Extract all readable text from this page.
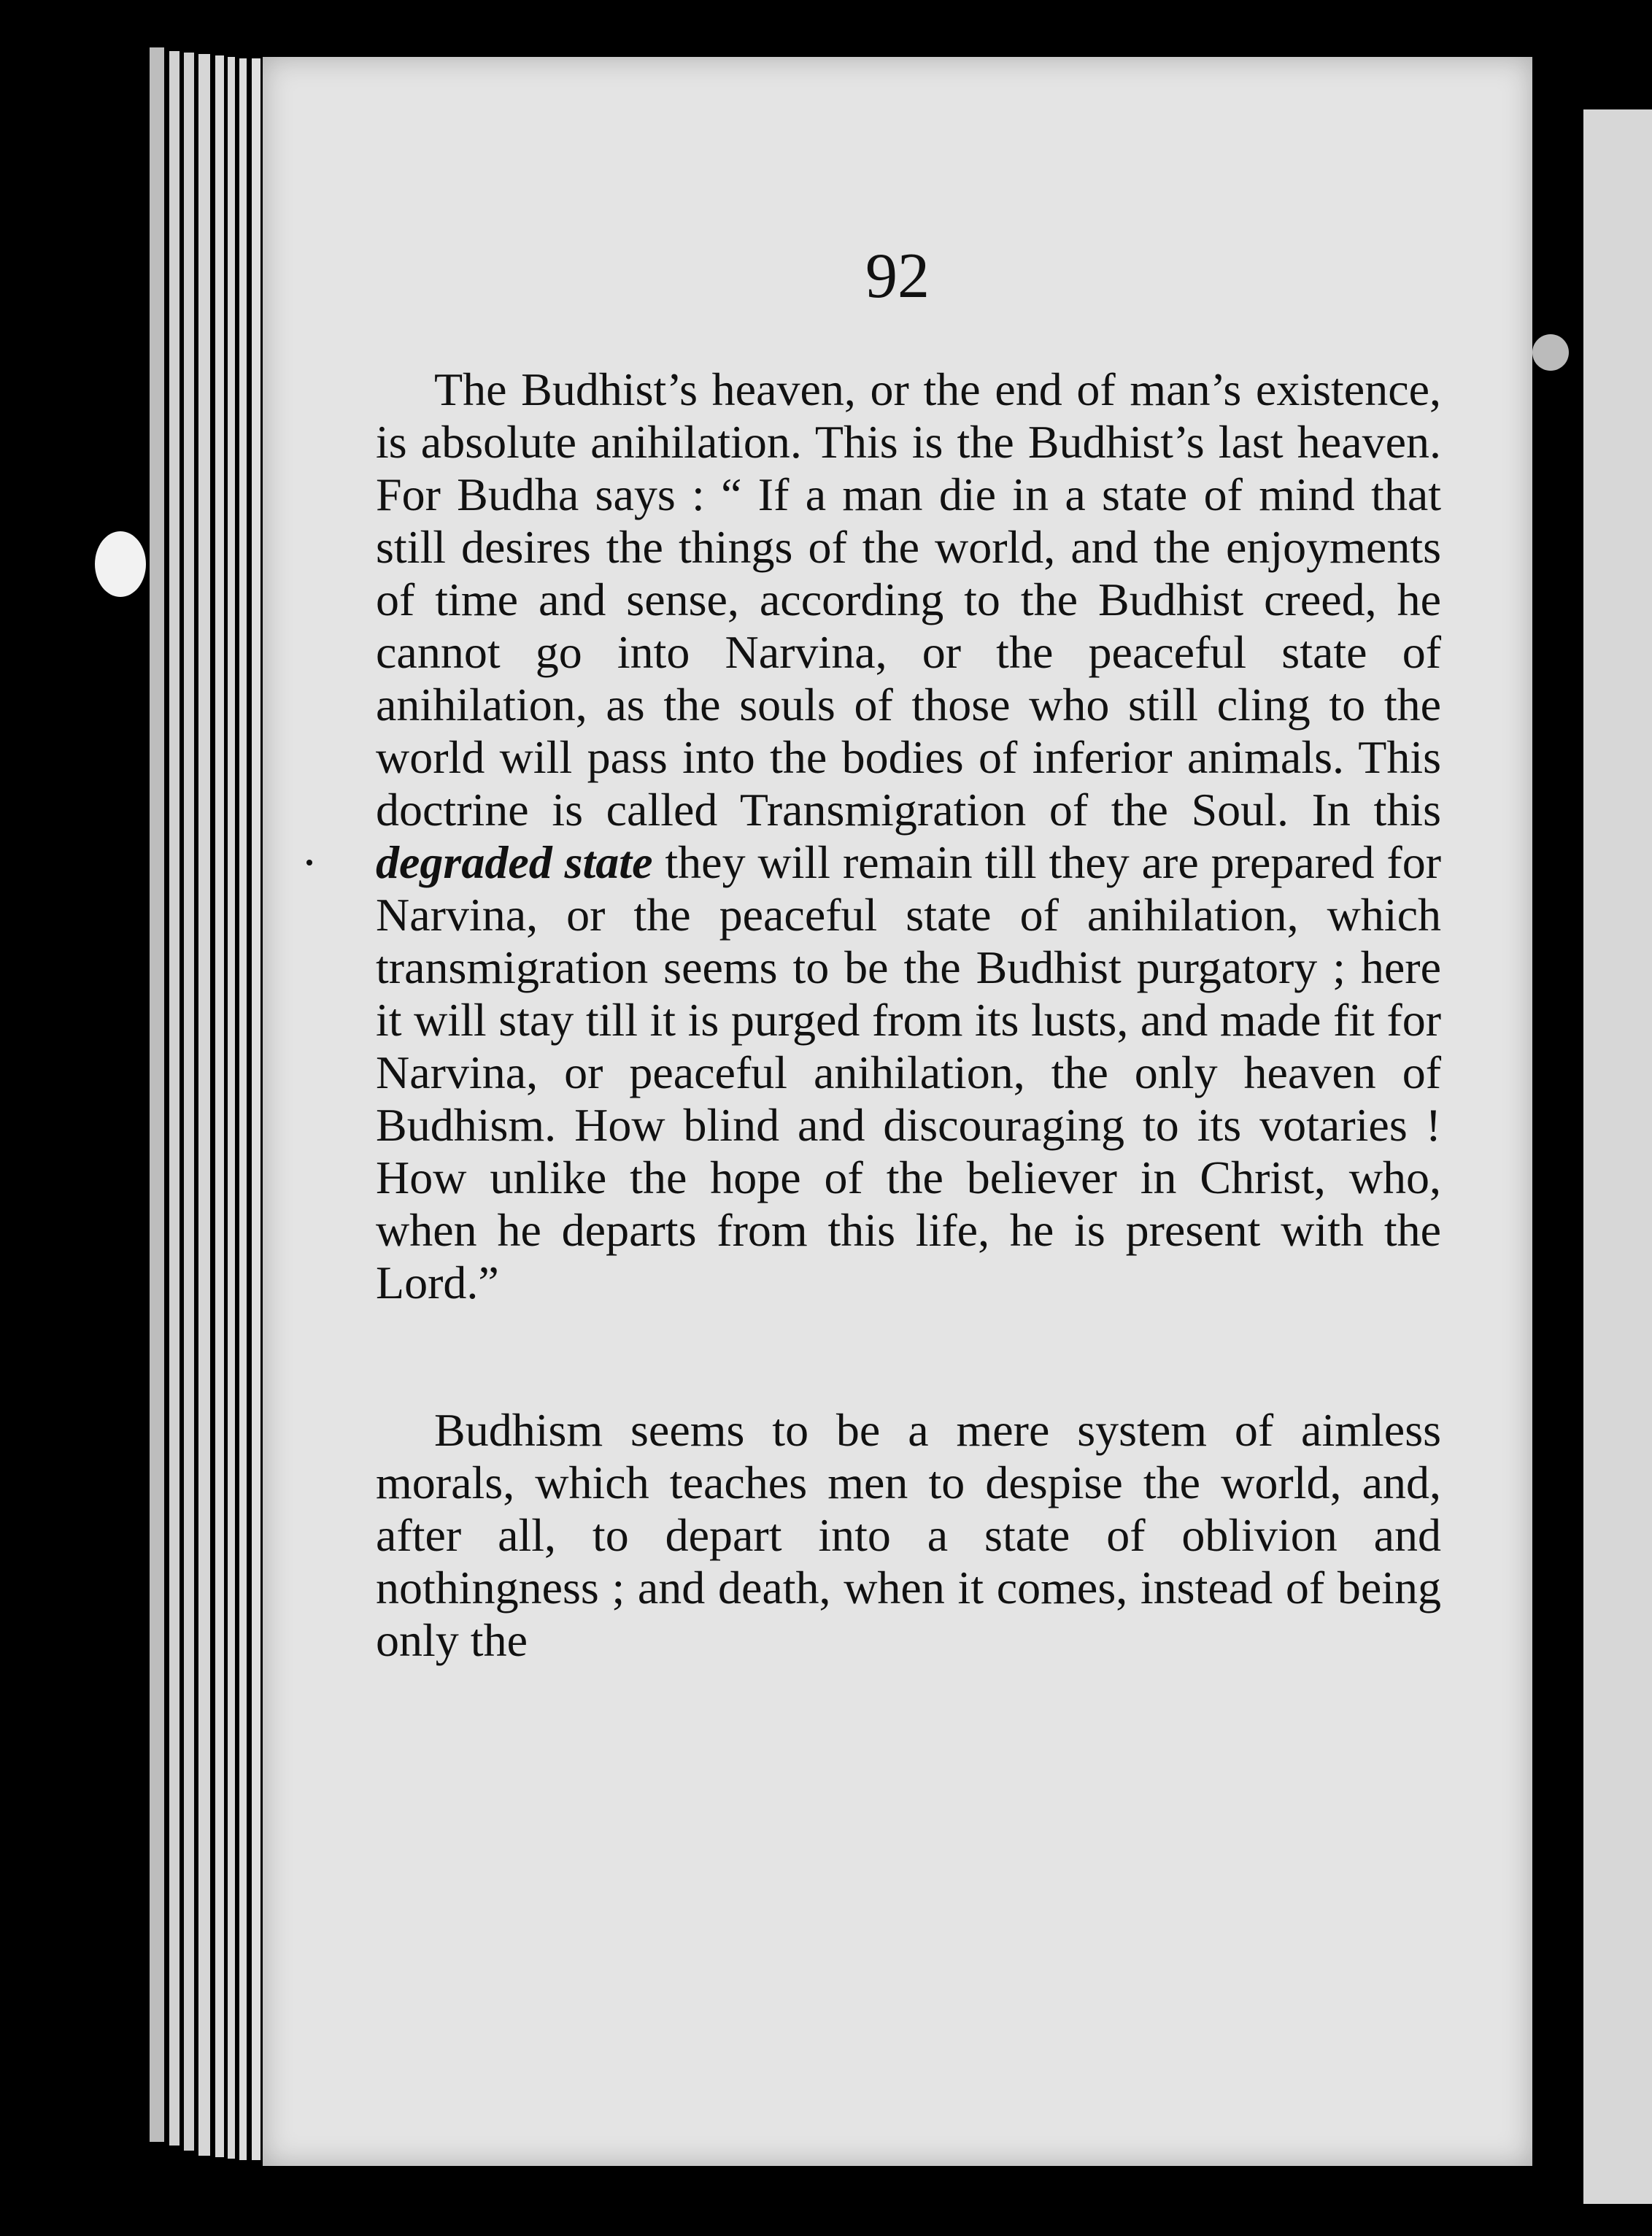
92

The Budhist’s heaven, or the end of man’s existence, is absolute anihilation. This is the Budhist’s last heaven. For Budha says : “ If a man die in a state of mind that still desires the things of the world, and the enjoyments of time and sense, according to the Budhist creed, he cannot go into Narvina, or the peaceful state of anihilation, as the souls of those who still cling to the world will pass into the bodies of inferior animals. This doctrine is called Transmigration of the Soul. In this degraded state they will remain till they are prepared for Narvina, or the peaceful state of anihilation, which transmigration seems to be the Budhist purgatory ; here it will stay till it is purged from its lusts, and made fit for Narvina, or peaceful anihilation, the only heaven of Budhism. How blind and discouraging to its votaries ! How unlike the hope of the believer in Christ, who, when he departs from this life, he is present with the Lord.”

Budhism seems to be a mere system of aimless morals, which teaches men to despise the world, and, after all, to depart into a state of oblivion and nothingness ; and death, when it comes, instead of being only the
